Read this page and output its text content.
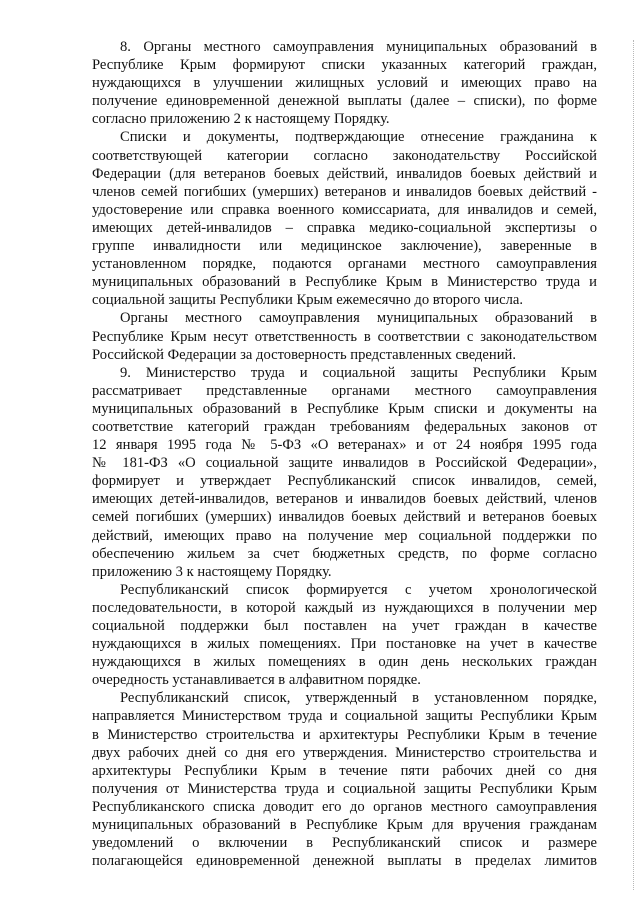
8. Органы местного самоуправления муниципальных образований в
Республике Крым формируют списки указанных категорий граждан,
нуждающихся в улучшении жилищных условий и имеющих право на
получение единовременной денежной выплаты (далее – списки), по форме
согласно приложению 2 к настоящему Порядку.
Списки и документы, подтверждающие отнесение гражданина к
соответствующей категории согласно законодательству Российской
Федерации (для ветеранов боевых действий, инвалидов боевых действий и
членов семей погибших (умерших) ветеранов и инвалидов боевых действий -
удостоверение или справка военного комиссариата, для инвалидов и семей,
имеющих детей-инвалидов – справка медико-социальной экспертизы о
группе инвалидности или медицинское заключение), заверенные в
установленном порядке, подаются органами местного самоуправления
муниципальных образований в Республике Крым в Министерство труда и
социальной защиты Республики Крым ежемесячно до второго числа.
Органы местного самоуправления муниципальных образований в
Республике Крым несут ответственность в соответствии с законодательством
Российской Федерации за достоверность представленных сведений.
9. Министерство труда и социальной защиты Республики Крым
рассматривает представленные органами местного самоуправления
муниципальных образований в Республике Крым списки и документы на
соответствие категорий граждан требованиям федеральных законов от
12 января 1995 года № 5-ФЗ «О ветеранах» и от 24 ноября 1995 года
№ 181-ФЗ «О социальной защите инвалидов в Российской Федерации»,
формирует и утверждает Республиканский список инвалидов, семей,
имеющих детей-инвалидов, ветеранов и инвалидов боевых действий, членов
семей погибших (умерших) инвалидов боевых действий и ветеранов боевых
действий, имеющих право на получение мер социальной поддержки по
обеспечению жильем за счет бюджетных средств, по форме согласно
приложению 3 к настоящему Порядку.
Республиканский список формируется с учетом хронологической
последовательности, в которой каждый из нуждающихся в получении мер
социальной поддержки был поставлен на учет граждан в качестве
нуждающихся в жилых помещениях. При постановке на учет в качестве
нуждающихся в жилых помещениях в один день нескольких граждан
очередность устанавливается в алфавитном порядке.
Республиканский список, утвержденный в установленном порядке,
направляется Министерством труда и социальной защиты Республики Крым
в Министерство строительства и архитектуры Республики Крым в течение
двух рабочих дней со дня его утверждения. Министерство строительства и
архитектуры Республики Крым в течение пяти рабочих дней со дня
получения от Министерства труда и социальной защиты Республики Крым
Республиканского списка доводит его до органов местного самоуправления
муниципальных образований в Республике Крым для вручения гражданам
уведомлений о включении в Республиканский список и размере
полагающейся единовременной денежной выплаты в пределах лимитов
